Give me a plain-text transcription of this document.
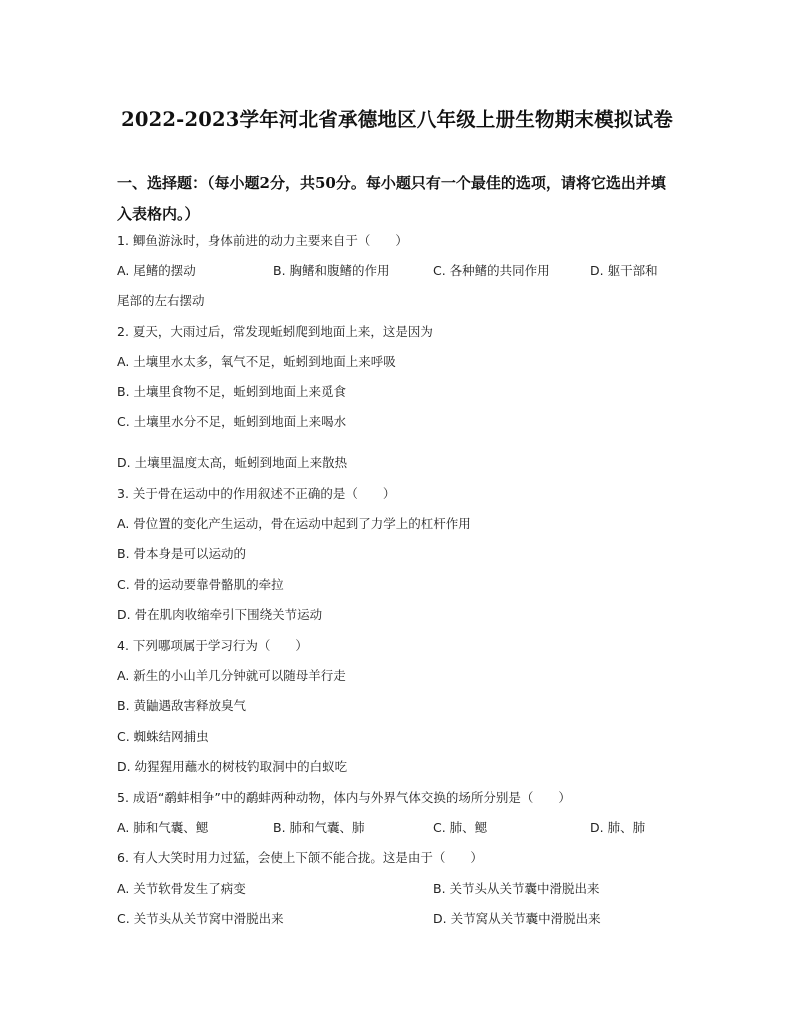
2022-2023学年河北省承德地区八年级上册生物期末模拟试卷
一、选择题：（每小题2分，共50分。每小题只有一个最佳的选项，请将它选出并填入表格内。）
1. 鲫鱼游泳时，身体前进的动力主要来自于（　　）
A. 尾鳍的摆动	B. 胸鳍和腹鳍的作用	C. 各种鳍的共同作用	D. 躯干部和
尾部的左右摆动
2. 夏天，大雨过后，常发现蚯蚓爬到地面上来，这是因为
A. 土壤里水太多，氧气不足，蚯蚓到地面上来呼吸
B. 土壤里食物不足，蚯蚓到地面上来觅食
C. 土壤里水分不足，蚯蚓到地面上来喝水
D. 土壤里温度太高，蚯蚓到地面上来散热
3. 关于骨在运动中的作用叙述不正确的是（　　）
A. 骨位置的变化产生运动，骨在运动中起到了力学上的杠杆作用
B. 骨本身是可以运动的
C. 骨的运动要靠骨骼肌的牵拉
D. 骨在肌肉收缩牵引下围绕关节运动
4. 下列哪项属于学习行为（　　）
A. 新生的小山羊几分钟就可以随母羊行走
B. 黄鼬遇敌害释放臭气
C. 蜘蛛结网捕虫
D. 幼猩猩用蘸水的树枝钓取洞中的白蚁吃
5. 成语“鹬蚌相争”中的鹬蚌两种动物，体内与外界气体交换的场所分别是（　　）
A. 肺和气囊、鳃	B. 肺和气囊、肺	C. 肺、鳃	D. 肺、肺
6. 有人大笑时用力过猛，会使上下颌不能合拢。这是由于（　　）
A. 关节软骨发生了病变	B. 关节头从关节囊中滑脱出来
C. 关节头从关节窝中滑脱出来	D. 关节窝从关节囊中滑脱出来
